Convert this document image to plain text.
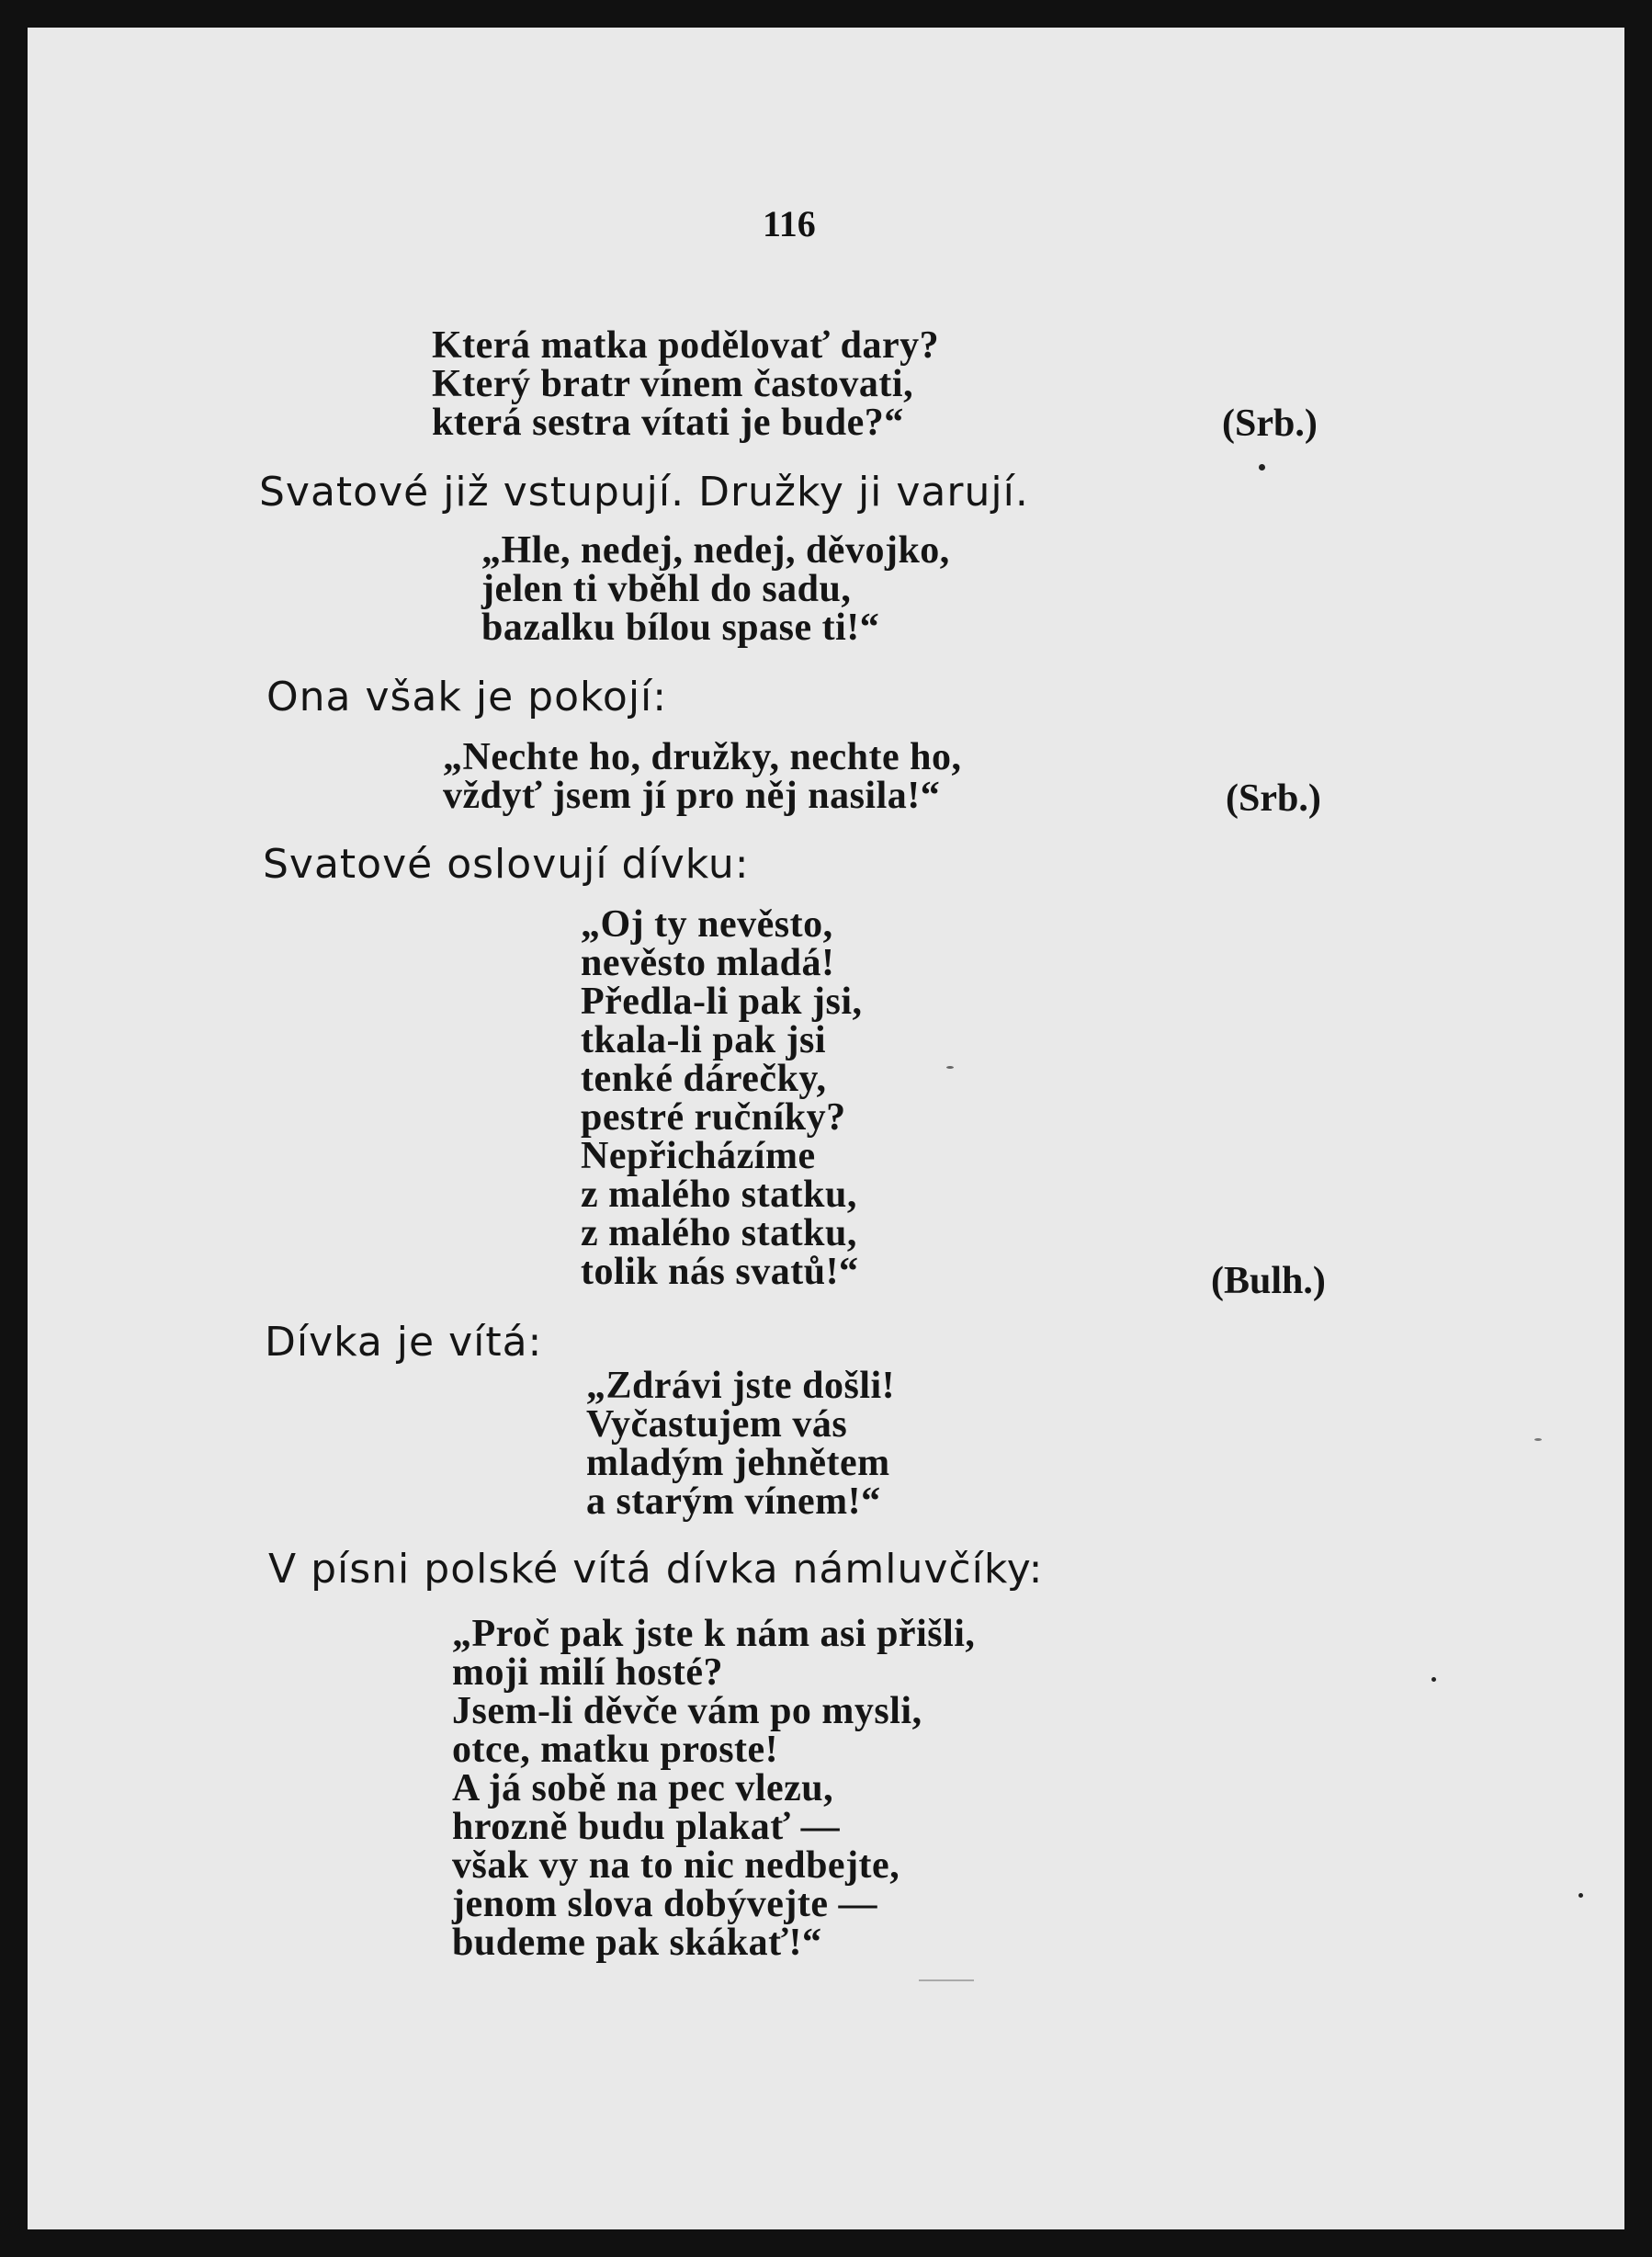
116
Která matka podělovať dary?
Který bratr vínem častovati,
která sestra vítati je bude?“	(Srb.)
Svatové již vstupují. Družky ji varují.
„Hle, nedej, nedej, děvojko,
jelen ti vběhl do sadu,
bazalku bílou spase ti!“
Ona však je pokojí:
„Nechte ho, družky, nechte ho,
vždyť jsem jí pro něj nasila!“	(Srb.)
Svatové oslovují dívku:
„Oj ty nevěsto,
nevěsto mladá!
Předla-li pak jsi,
tkala-li pak jsi
tenké dárečky,
pestré ručníky?
Nepřicházíme
z malého statku,
z malého statku,
tolik nás svatů!“	(Bulh.)
Dívka je vítá:
„Zdrávi jste došli!
Vyčastujem vás
mladým jehnětem
a starým vínem!“
V písni polské vítá dívka námluvčíky:
„Proč pak jste k nám asi přišli,
moji milí hosté?
Jsem-li děvče vám po mysli,
otce, matku proste!
A já sobě na pec vlezu,
hrozně budu plakať —
však vy na to nic nedbejte,
jenom slova dobývejte —
budeme pak skákať!“
